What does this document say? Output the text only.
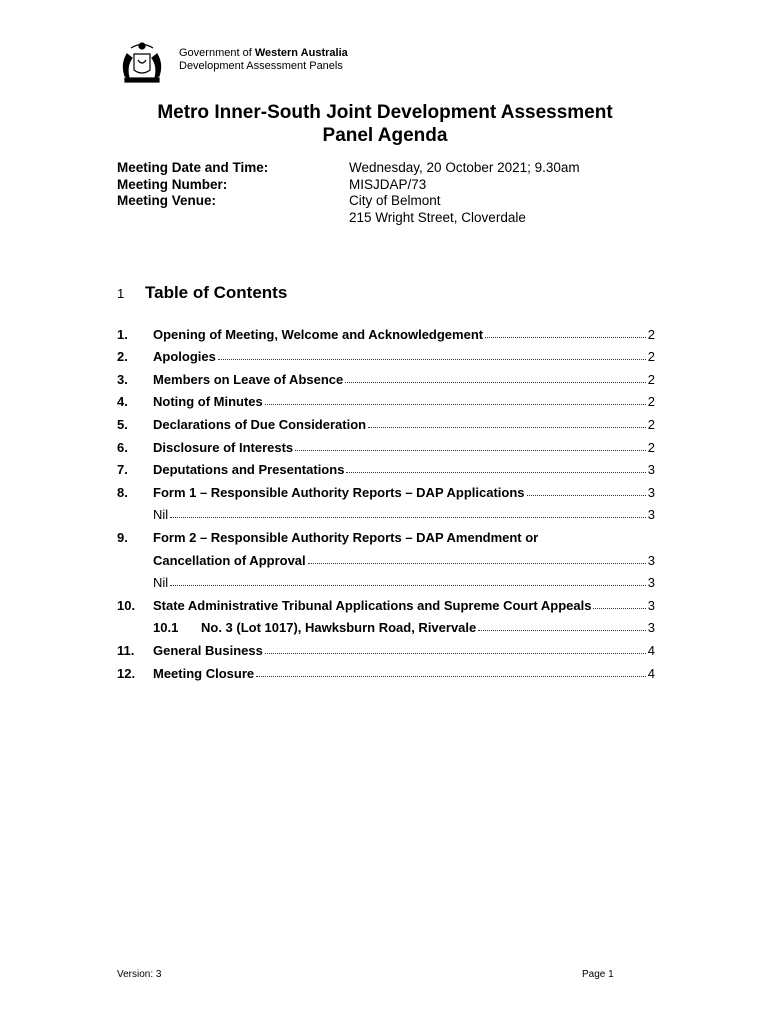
Government of Western Australia
Development Assessment Panels
Metro Inner-South Joint Development Assessment
Panel Agenda
Meeting Date and Time:	Wednesday, 20 October 2021; 9.30am
Meeting Number:	MISJDAP/73
Meeting Venue:	City of Belmont
215 Wright Street, Cloverdale
1 Table of Contents
1.	Opening of Meeting, Welcome and Acknowledgement	2
2.	Apologies	2
3.	Members on Leave of Absence	2
4.	Noting of Minutes	2
5.	Declarations of Due Consideration	2
6.	Disclosure of Interests	2
7.	Deputations and Presentations	3
8.	Form 1 – Responsible Authority Reports – DAP Applications	3
Nil	3
9.	Form 2 – Responsible Authority Reports – DAP Amendment or
Cancellation of Approval	3
Nil	3
10.	State Administrative Tribunal Applications and Supreme Court Appeals	3
10.1	No. 3 (Lot 1017), Hawksburn Road, Rivervale	3
11.	General Business	4
12.	Meeting Closure	4
Version: 3	Page 1
